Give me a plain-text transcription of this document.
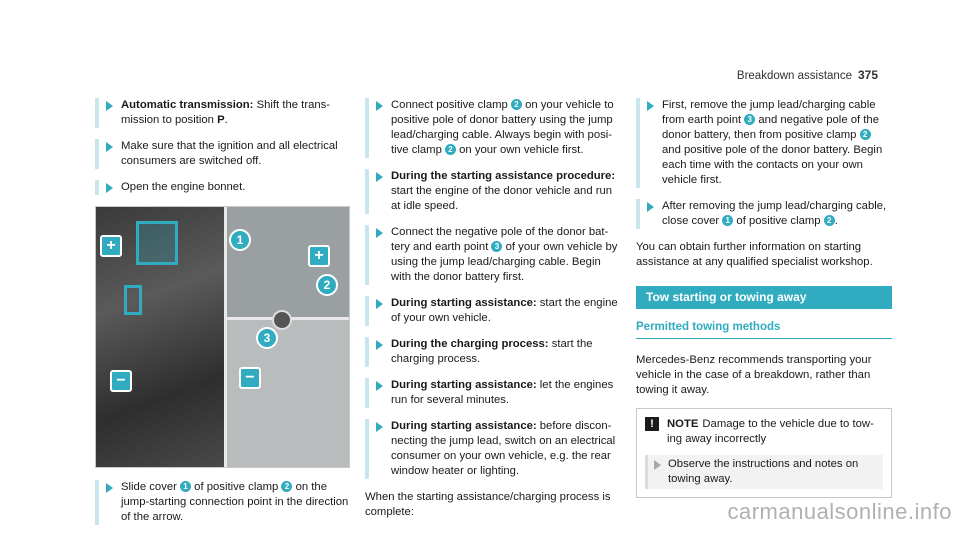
Breakdown assistance 375
Automatic transmission: Shift the transmission to position P.
Make sure that the ignition and all electrical consumers are switched off.
Open the engine bonnet.
+
−
1
+
2
3
−
Slide cover 1 of positive clamp 2 on the jump-starting connection point in the direction of the arrow.
Connect positive clamp 2 on your vehicle to positive pole of donor battery using the jump lead/charging cable. Always begin with positive clamp 2 on your own vehicle first.
During the starting assistance procedure: start the engine of the donor vehicle and run at idle speed.
Connect the negative pole of the donor battery and earth point 3 of your own vehicle by using the jump lead/charging cable. Begin with the donor battery first.
During starting assistance: start the engine of your own vehicle.
During the charging process: start the charging process.
During starting assistance: let the engines run for several minutes.
During starting assistance: before disconnecting the jump lead, switch on an electrical consumer on your own vehicle, e.g. the rear window heater or lighting.
When the starting assistance/charging process is complete:
First, remove the jump lead/charging cable from earth point 3 and negative pole of the donor battery, then from positive clamp 2 and positive pole of the donor battery. Begin each time with the contacts on your own vehicle first.
After removing the jump lead/charging cable, close cover 1 of positive clamp 2 .
You can obtain further information on starting assistance at any qualified specialist workshop.
Tow starting or towing away
Permitted towing methods
Mercedes-Benz recommends transporting your vehicle in the case of a breakdown, rather than towing it away.
!	NOTE Damage to the vehicle due to towing away incorrectly
Observe the instructions and notes on towing away.
carmanualsonline.info
